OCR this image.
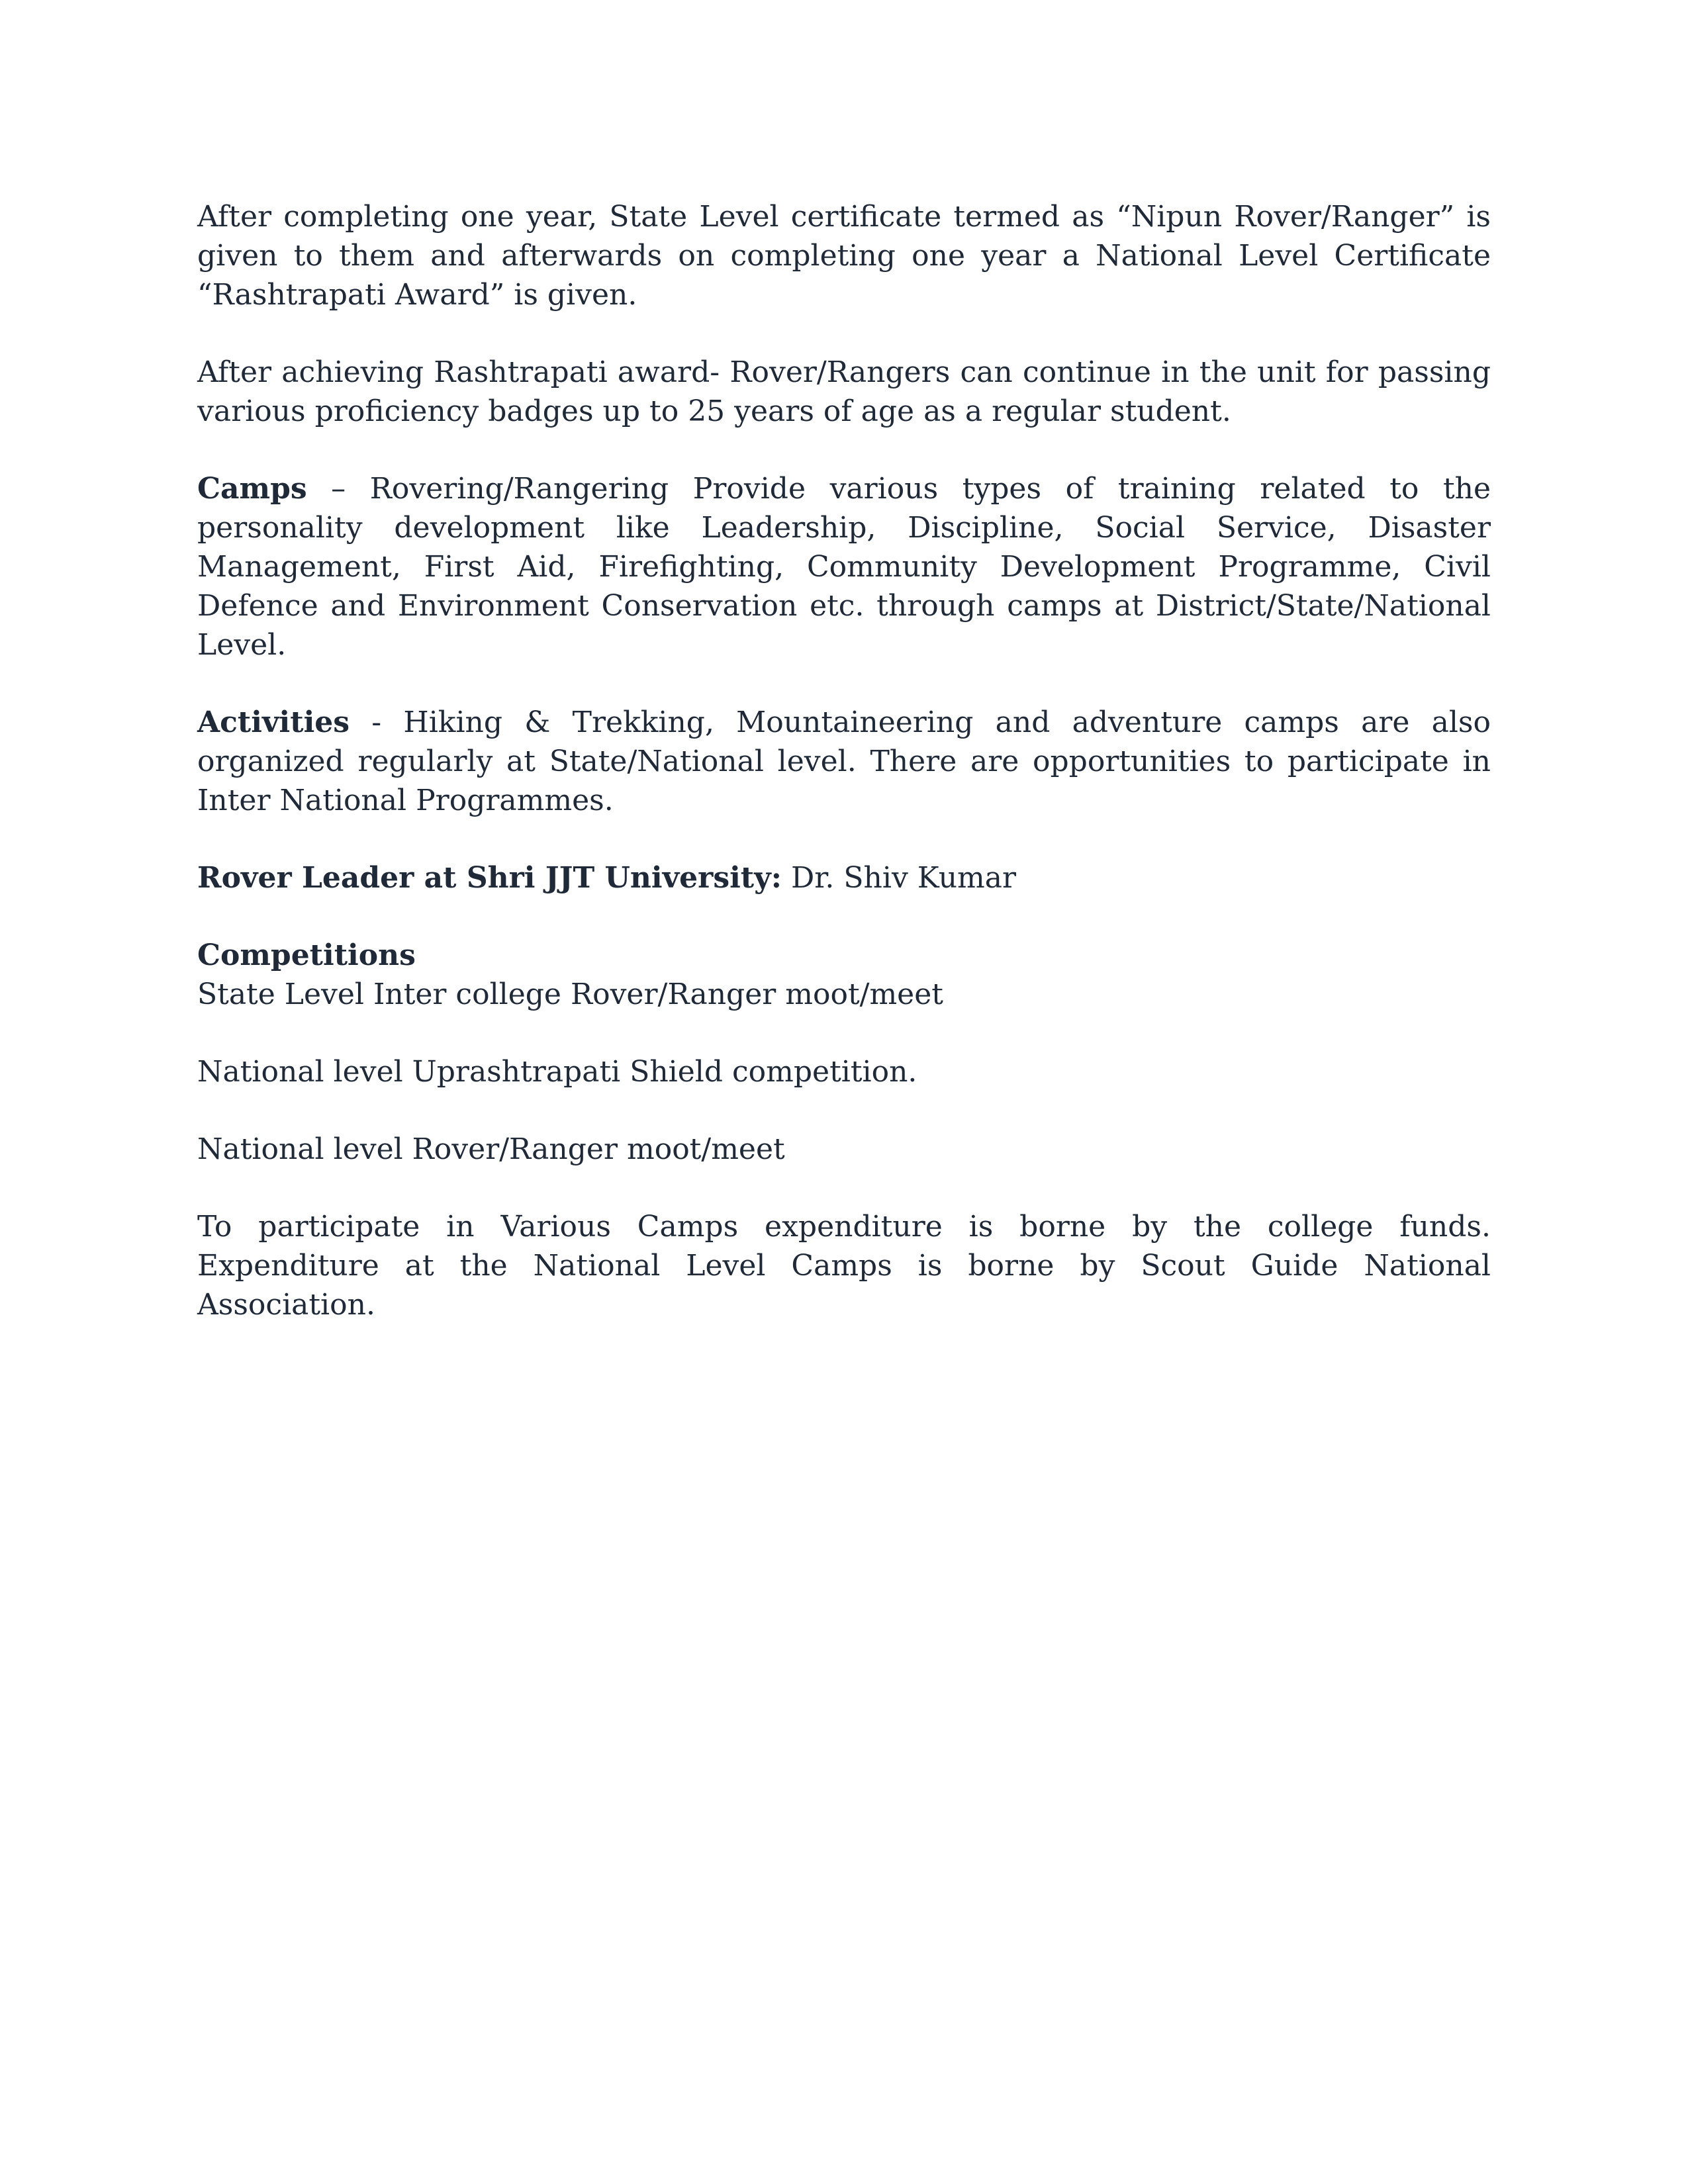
After completing one year, State Level certificate termed as “Nipun Rover/Ranger” is given to them and afterwards on completing one year a National Level Certificate “Rashtrapati Award” is given.

After achieving Rashtrapati award- Rover/Rangers can continue in the unit for passing various proficiency badges up to 25 years of age as a regular student.

Camps – Rovering/Rangering Provide various types of training related to the personality development like Leadership, Discipline, Social Service, Disaster Management, First Aid, Firefighting, Community Development Programme, Civil Defence and Environment Conservation etc. through camps at District/State/National Level.

Activities - Hiking & Trekking, Mountaineering and adventure camps are also organized regularly at State/National level. There are opportunities to participate in Inter National Programmes.

Rover Leader at Shri JJT University: Dr. Shiv Kumar

Competitions

State Level Inter college Rover/Ranger moot/meet

National level Uprashtrapati Shield competition.

National level Rover/Ranger moot/meet

To participate in Various Camps expenditure is borne by the college funds. Expenditure at the National Level Camps is borne by Scout Guide National Association.
